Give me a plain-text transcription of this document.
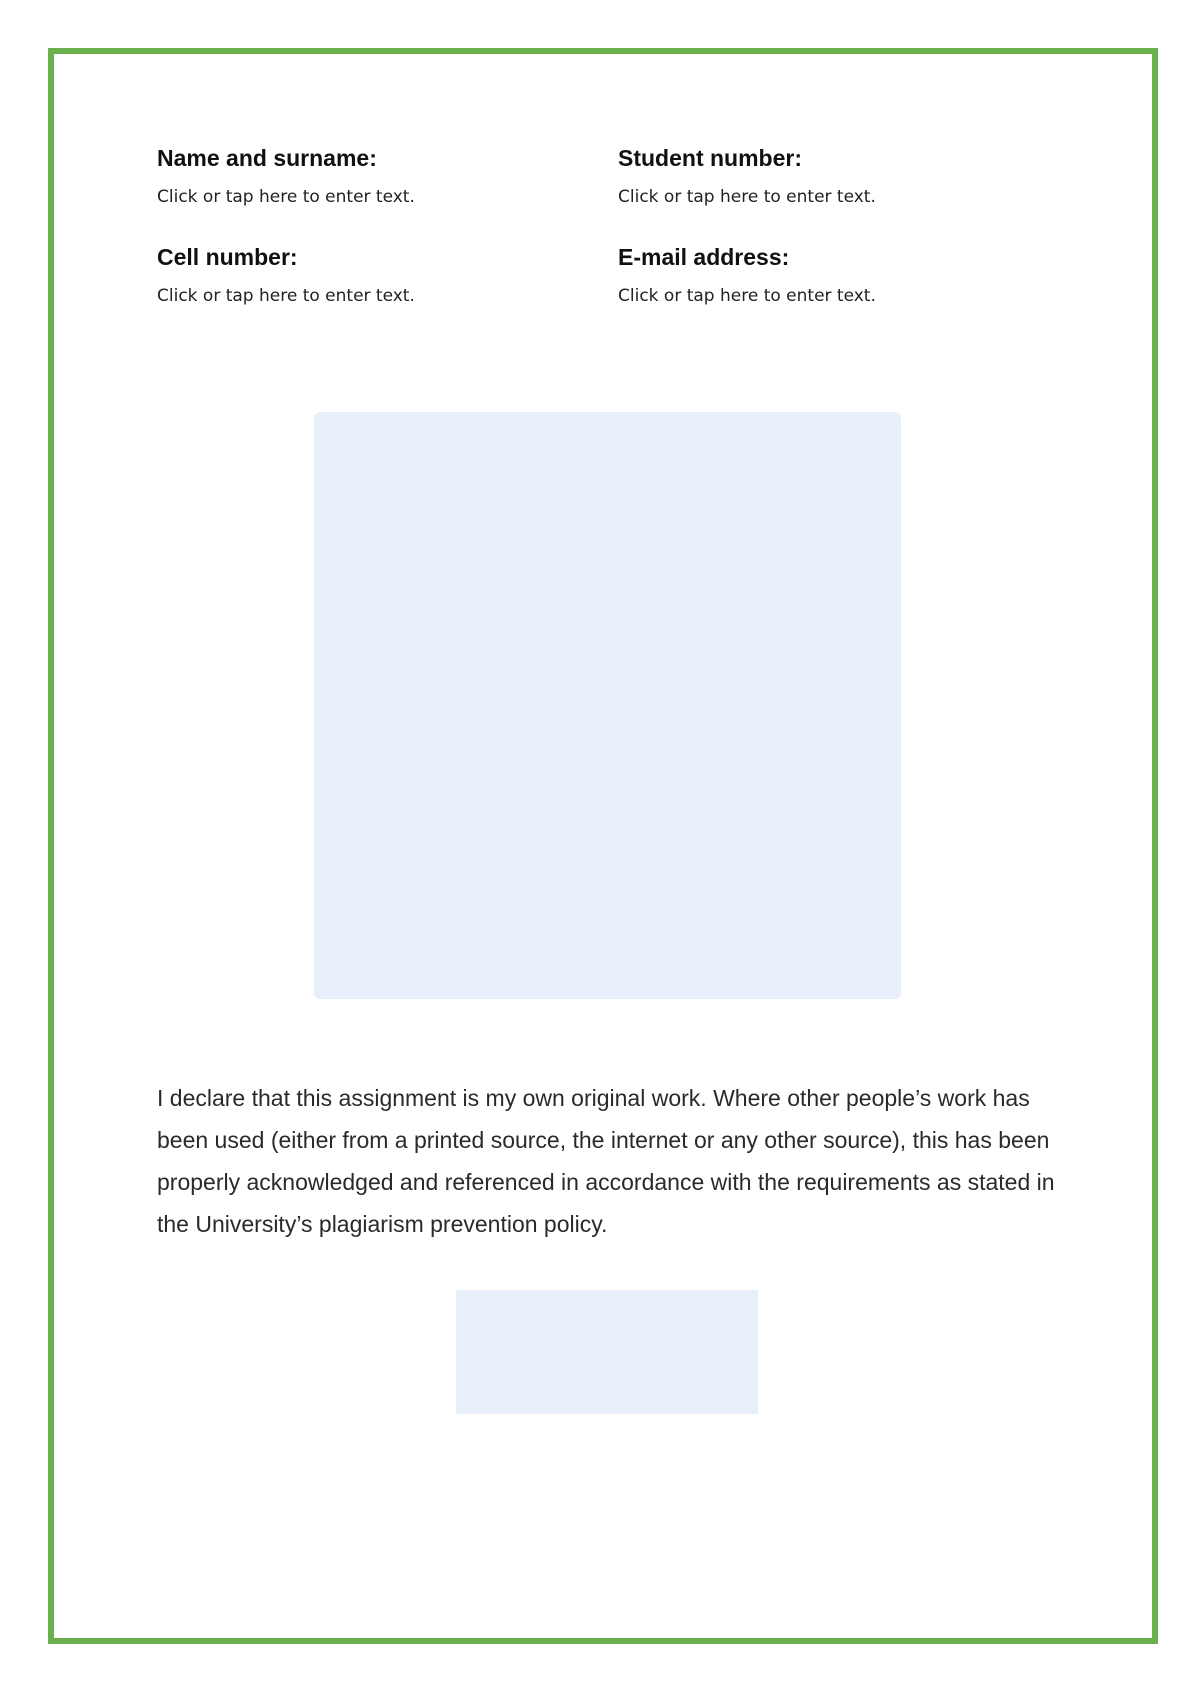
Name and surname:
Click or tap here to enter text.
Student number:
Click or tap here to enter text.
Cell number:
Click or tap here to enter text.
E-mail address:
Click or tap here to enter text.

I declare that this assignment is my own original work. Where other people’s work has been used (either from a printed source, the internet or any other source), this has been properly acknowledged and referenced in accordance with the requirements as stated in the University’s plagiarism prevention policy.
